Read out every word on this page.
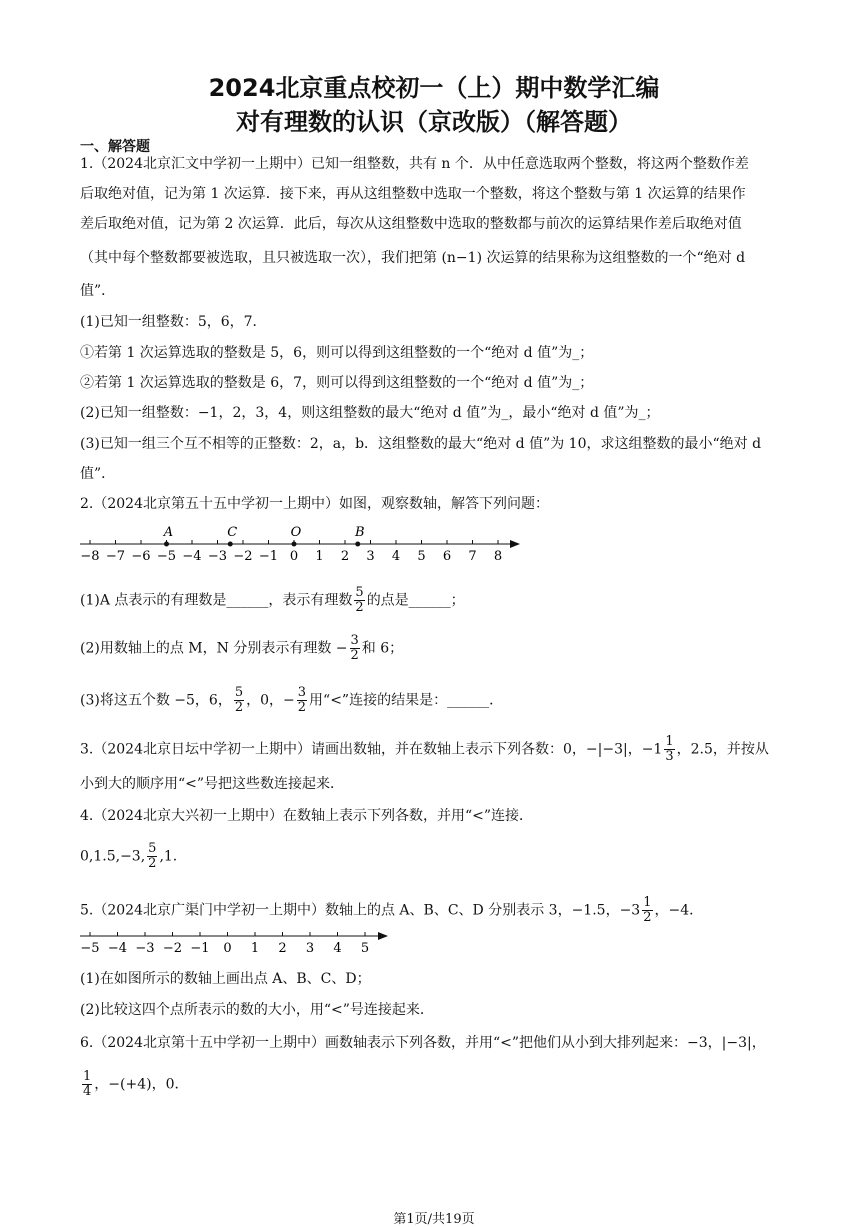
2024北京重点校初一（上）期中数学汇编
对有理数的认识（京改版）（解答题）
一、解答题
1.（2024北京汇文中学初一上期中）已知一组整数，共有 n 个．从中任意选取两个整数，将这两个整数作差
后取绝对值，记为第 1 次运算．接下来，再从这组整数中选取一个整数，将这个整数与第 1 次运算的结果作
差后取绝对值，记为第 2 次运算．此后，每次从这组整数中选取的整数都与前次的运算结果作差后取绝对值
（其中每个整数都要被选取，且只被选取一次），我们把第 (n−1) 次运算的结果称为这组整数的一个“绝对 d
值”．
(1)已知一组整数：5，6，7．
①若第 1 次运算选取的整数是 5，6，则可以得到这组整数的一个“绝对 d 值”为_；
②若第 1 次运算选取的整数是 6，7，则可以得到这组整数的一个“绝对 d 值”为_；
(2)已知一组整数：−1，2，3，4，则这组整数的最大“绝对 d 值”为_，最小“绝对 d 值”为_；
(3)已知一组三个互不相等的正整数：2，a，b．这组整数的最大“绝对 d 值”为 10，求这组整数的最小“绝对 d
值”．
2.（2024北京第五十五中学初一上期中）如图，观察数轴，解答下列问题：
−8 −7 −6 −5 −4 −3 −2 −1 0 1 2 3 4 5 6 7 8
A	C	O	B
(1)A 点表示的有理数是______，表示有理数 $\frac{5}{2}$ 的点是______；
(2)用数轴上的点 M，N 分别表示有理数 − $\frac{3}{2}$ 和 6；
(3)将这五个数 −5，6， $\frac{5}{2}$ ，0，− $\frac{3}{2}$ 用“<”连接的结果是：______．
3.（2024北京日坛中学初一上期中）请画出数轴，并在数轴上表示下列各数：0，−|−3|，$-1 \frac{1}{3}$ ，2.5，并按从
小到大的顺序用“<”号把这些数连接起来．
4.（2024北京大兴初一上期中）在数轴上表示下列各数，并用“<”连接．
0,1.5,−3, $\frac{5}{2} ,1$.
5.（2024北京广渠门中学初一上期中）数轴上的点 A、B、C、D 分别表示 3，−1.5，$-3 \frac{1}{2}$ ，−4．
−5 −4 −3 −2 −1 0 1 2 3 4 5
(1)在如图所示的数轴上画出点 A、B、C、D；
(2)比较这四个点所表示的数的大小，用“<”号连接起来．
6.（2024北京第十五中学初一上期中）画数轴表示下列各数，并用“<”把他们从小到大排列起来：−3，|−3|，
$\frac{1}{4}$ ，−(+4)，0．
第1页/共19页
